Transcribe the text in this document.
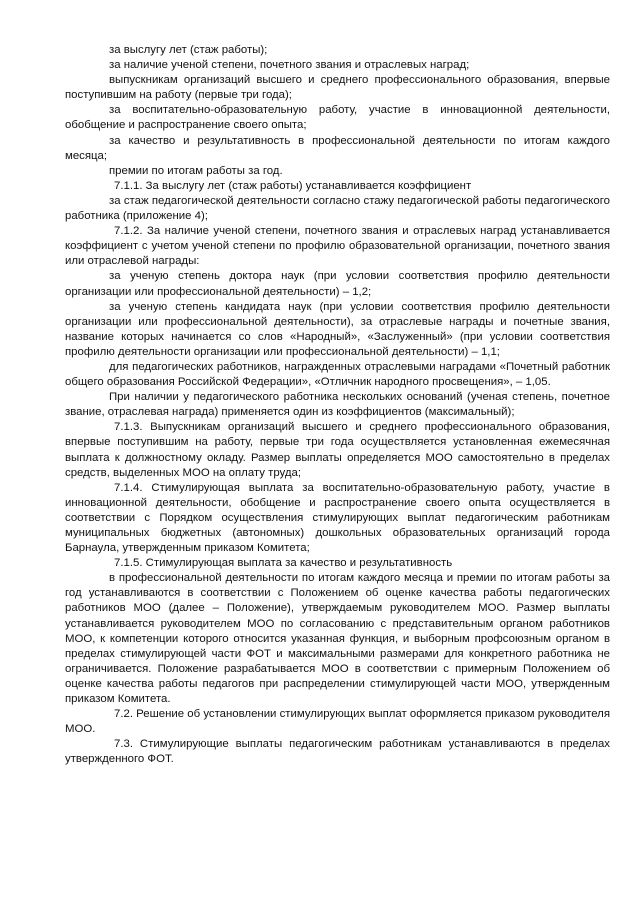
за выслугу лет (стаж работы);

за наличие ученой степени, почетного звания и отраслевых наград;

выпускникам организаций высшего и среднего профессионального образования, впервые поступившим на работу (первые три года);

за воспитательно-образовательную работу, участие в инновационной деятельности, обобщение и распространение своего опыта;

за качество и результативность в профессиональной деятельности по итогам каждого месяца;

премии по итогам работы за год.

7.1.1. За выслугу лет (стаж работы) устанавливается коэффициент

за стаж педагогической деятельности согласно стажу педагогической работы педагогического работника (приложение 4);

7.1.2. За наличие ученой степени, почетного звания и отраслевых наград устанавливается коэффициент с учетом ученой степени по профилю образовательной организации, почетного звания или отраслевой награды:

за ученую степень доктора наук (при условии соответствия профилю деятельности организации или профессиональной деятельности) – 1,2;

за ученую степень кандидата наук (при условии соответствия профилю деятельности организации или профессиональной деятельности), за отраслевые награды и почетные звания, название которых начинается со слов «Народный», «Заслуженный» (при условии соответствия профилю деятельности организации или профессиональной деятельности) – 1,1;

для педагогических работников, награжденных отраслевыми наградами «Почетный работник общего образования Российской Федерации», «Отличник народного просвещения», – 1,05.

При наличии у педагогического работника нескольких оснований (ученая степень, почетное звание, отраслевая награда) применяется один из коэффициентов (максимальный);

7.1.3. Выпускникам организаций высшего и среднего профессионального образования, впервые поступившим на работу, первые три года осуществляется установленная ежемесячная выплата к должностному окладу. Размер выплаты определяется МОО самостоятельно в пределах средств, выделенных МОО на оплату труда;

7.1.4. Стимулирующая выплата за воспитательно-образовательную работу, участие в инновационной деятельности, обобщение и распространение своего опыта осуществляется в соответствии с Порядком осуществления стимулирующих выплат педагогическим работникам муниципальных бюджетных (автономных) дошкольных образовательных организаций города Барнаула, утвержденным приказом Комитета;

7.1.5. Стимулирующая выплата за качество и результативность

в профессиональной деятельности по итогам каждого месяца и премии по итогам работы за год устанавливаются в соответствии с Положением об оценке качества работы педагогических работников МОО (далее – Положение), утверждаемым руководителем МОО. Размер выплаты устанавливается руководителем МОО по согласованию с представительным органом работников МОО, к компетенции которого относится указанная функция, и выборным профсоюзным органом в пределах стимулирующей части ФОТ и максимальными размерами для конкретного работника не ограничивается. Положение разрабатывается МОО в соответствии с примерным Положением об оценке качества работы педагогов при распределении стимулирующей части МОО, утвержденным приказом Комитета.

7.2. Решение об установлении стимулирующих выплат оформляется приказом руководителя МОО.

7.3. Стимулирующие выплаты педагогическим работникам устанавливаются в пределах утвержденного ФОТ.
